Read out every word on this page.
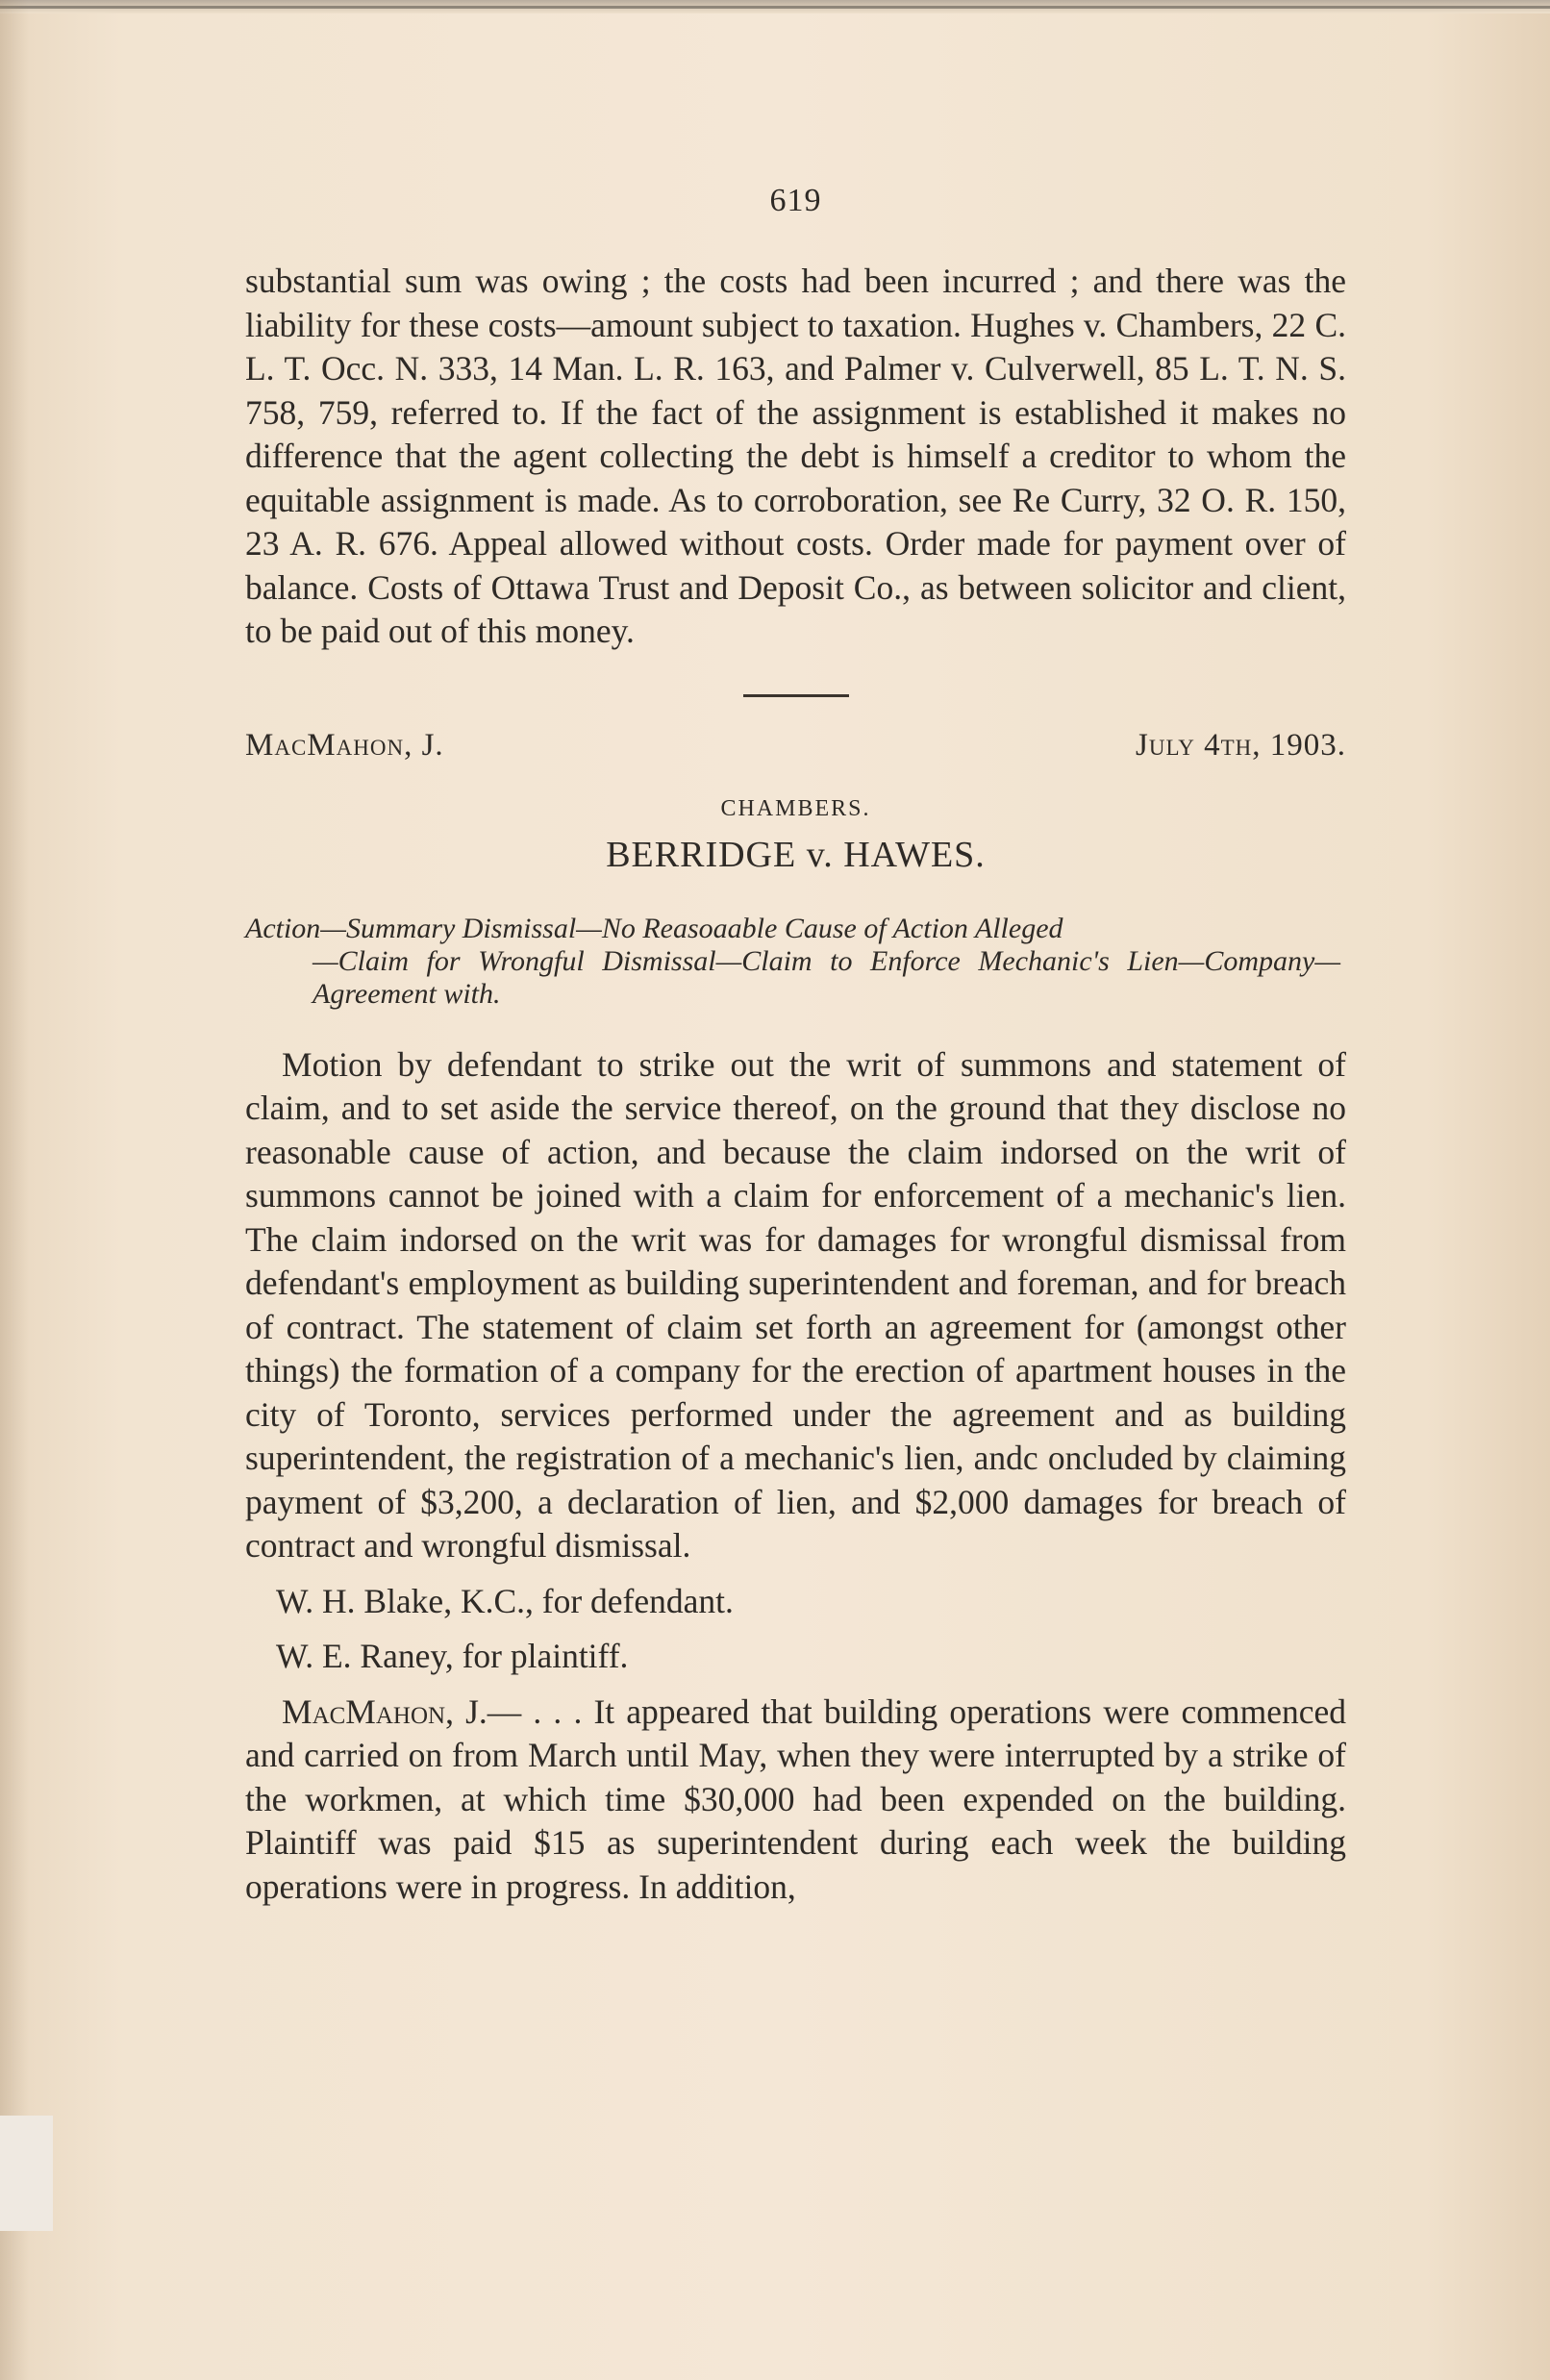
619

substantial sum was owing ; the costs had been incurred ; and there was the liability for these costs—amount subject to taxation. Hughes v. Chambers, 22 C. L. T. Occ. N. 333, 14 Man. L. R. 163, and Palmer v. Culverwell, 85 L. T. N. S. 758, 759, referred to. If the fact of the assignment is established it makes no difference that the agent collecting the debt is himself a creditor to whom the equitable assignment is made. As to corroboration, see Re Curry, 32 O. R. 150, 23 A. R. 676. Appeal allowed without costs. Order made for payment over of balance. Costs of Ottawa Trust and Deposit Co., as between solicitor and client, to be paid out of this money.

MacMahon, J.	July 4th, 1903.
CHAMBERS.
BERRIDGE v. HAWES.
Action—Summary Dismissal—No Reasoaable Cause of Action Alleged
—Claim for Wrongful Dismissal—Claim to Enforce Mechanic's Lien—Company—Agreement with.

Motion by defendant to strike out the writ of summons and statement of claim, and to set aside the service thereof, on the ground that they disclose no reasonable cause of action, and because the claim indorsed on the writ of summons cannot be joined with a claim for enforcement of a mechanic's lien. The claim indorsed on the writ was for damages for wrongful dismissal from defendant's employment as building superintendent and foreman, and for breach of contract. The statement of claim set forth an agreement for (amongst other things) the formation of a company for the erection of apartment houses in the city of Toronto, services performed under the agreement and as building superintendent, the registration of a mechanic's lien, andc oncluded by claiming payment of $3,200, a declaration of lien, and $2,000 damages for breach of contract and wrongful dismissal.

W. H. Blake, K.C., for defendant.

W. E. Raney, for plaintiff.

MacMahon, J.— . . . It appeared that building operations were commenced and carried on from March until May, when they were interrupted by a strike of the workmen, at which time $30,000 had been expended on the building. Plaintiff was paid $15 as superintendent during each week the building operations were in progress. In addition,
